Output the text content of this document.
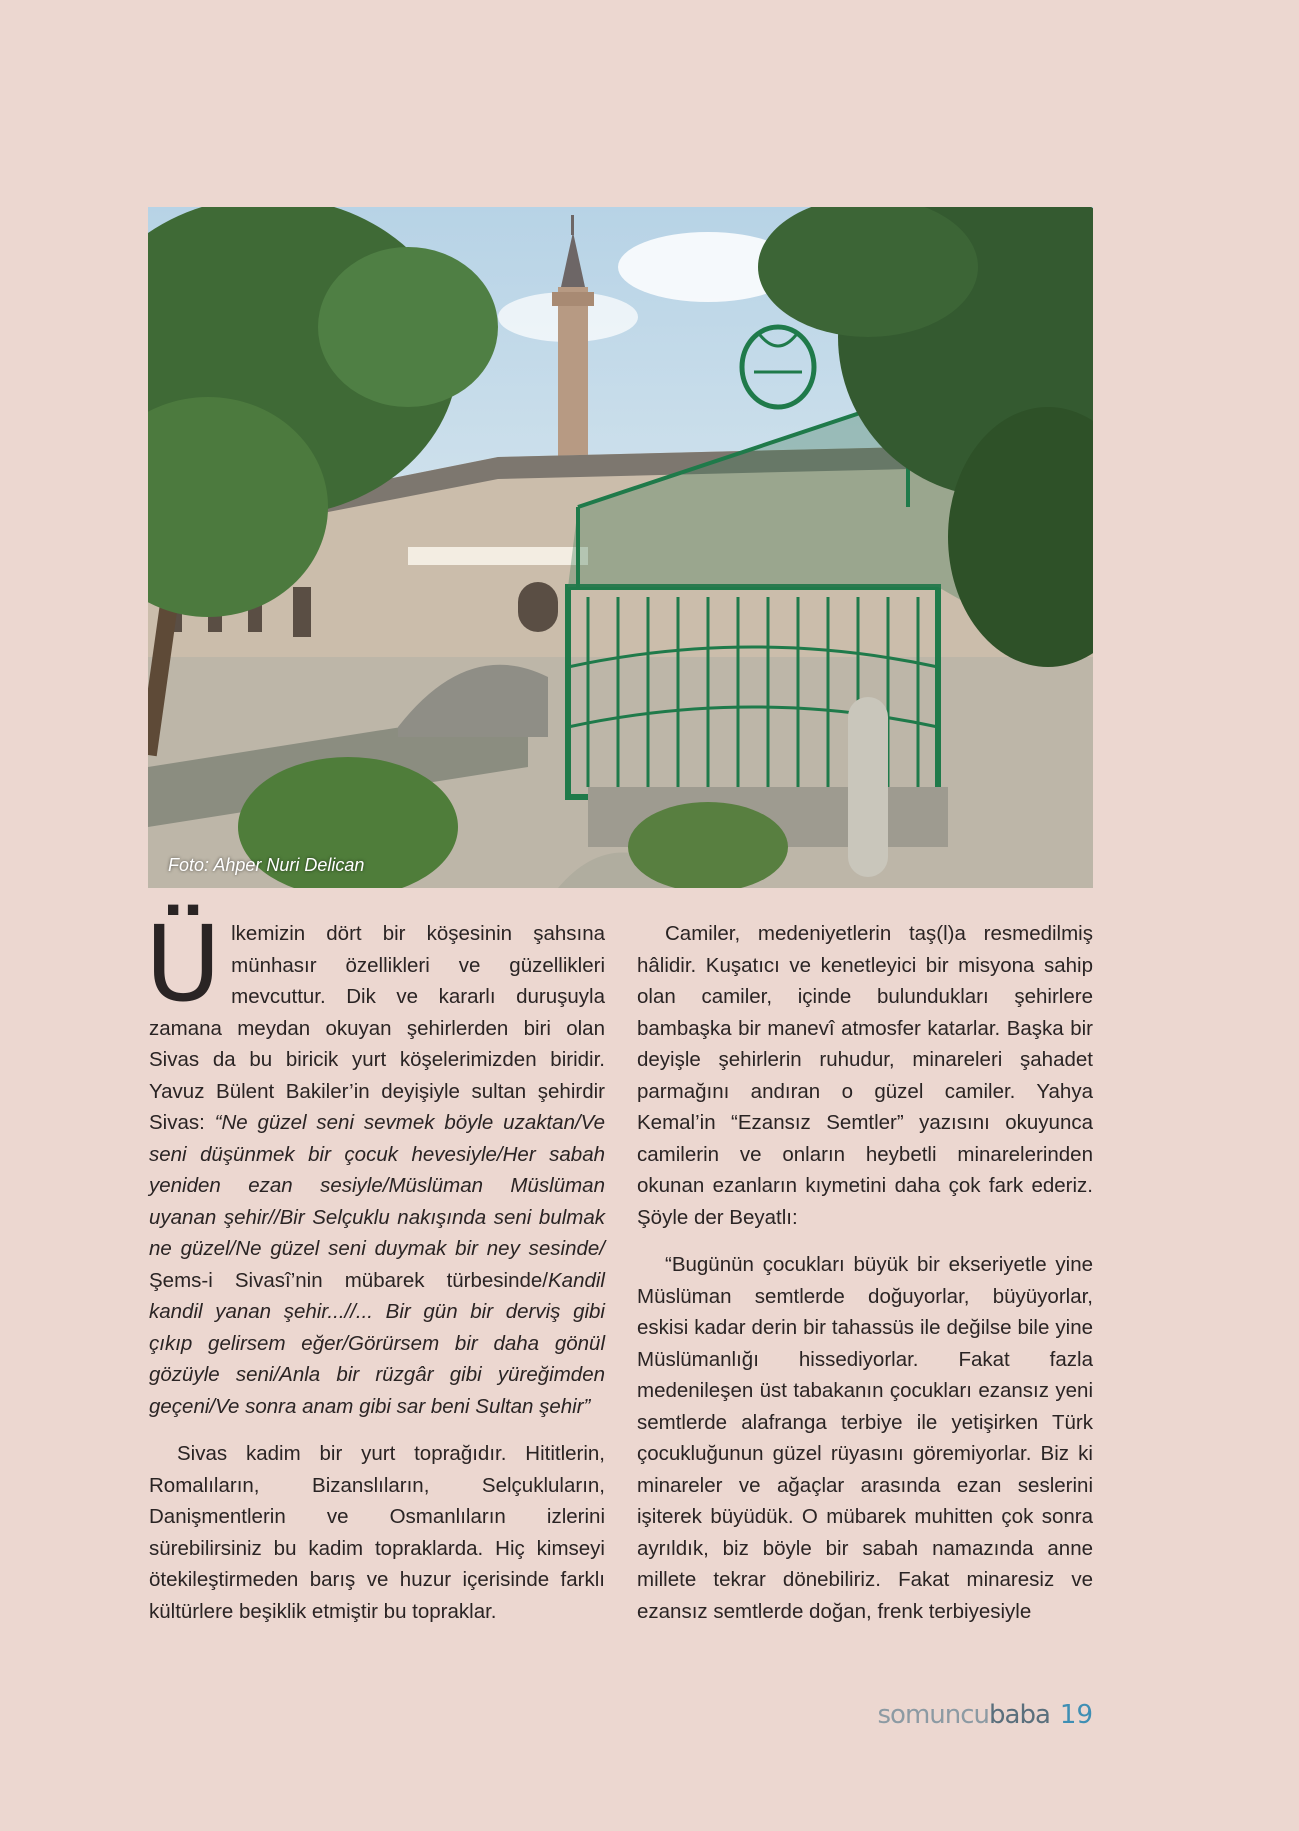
Foto: Ahper Nuri Delican

Ülkemizin dört bir köşesinin şahsına münhasır özellikleri ve güzellikleri mevcuttur. Dik ve kararlı duruşuyla zamana meydan okuyan şehirlerden biri olan Sivas da bu biricik yurt köşelerimizden biridir. Yavuz Bülent Bakiler’in deyişiyle sultan şehirdir Sivas: “Ne güzel seni sevmek böyle uzaktan/Ve seni düşünmek bir çocuk hevesiyle/Her sabah yeniden ezan sesiyle/Müslüman Müslüman uyanan şehir//Bir Selçuklu nakışında seni bulmak ne güzel/Ne güzel seni duymak bir ney sesinde/Şems-i Sivasî’nin mübarek türbesinde/Kandil kandil yanan şehir...//... Bir gün bir derviş gibi çıkıp gelirsem eğer/Görürsem bir daha gönül gözüyle seni/Anla bir rüzgâr gibi yüreğimden geçeni/Ve sonra anam gibi sar beni Sultan şehir”

Sivas kadim bir yurt toprağıdır. Hititlerin, Romalıların, Bizanslıların, Selçukluların, Danişmentlerin ve Osmanlıların izlerini sürebilirsiniz bu kadim topraklarda. Hiç kimseyi ötekileştirmeden barış ve huzur içerisinde farklı kültürlere beşiklik etmiştir bu topraklar.

Camiler, medeniyetlerin taş(l)a resmedilmiş hâlidir. Kuşatıcı ve kenetleyici bir misyona sahip olan camiler, içinde bulundukları şehirlere bambaşka bir manevî atmosfer katarlar. Başka bir deyişle şehirlerin ruhudur, minareleri şahadet parmağını andıran o güzel camiler. Yahya Kemal’in “Ezansız Semtler” yazısını okuyunca camilerin ve onların heybetli minarelerinden okunan ezanların kıymetini daha çok fark ederiz. Şöyle der Beyatlı:

“Bugünün çocukları büyük bir ekseriyetle yine Müslüman semtlerde doğuyorlar, büyüyorlar, eskisi kadar derin bir tahassüs ile değilse bile yine Müslümanlığı hissediyorlar. Fakat fazla medenileşen üst tabakanın çocukları ezansız yeni semtlerde alafranga terbiye ile yetişirken Türk çocukluğunun güzel rüyasını göremiyorlar. Biz ki minareler ve ağaçlar arasında ezan seslerini işiterek büyüdük. O mübarek muhitten çok sonra ayrıldık, biz böyle bir sabah namazında anne millete tekrar dönebiliriz. Fakat minaresiz ve ezansız semtlerde doğan, frenk terbiyesiyle

somuncubaba 19
